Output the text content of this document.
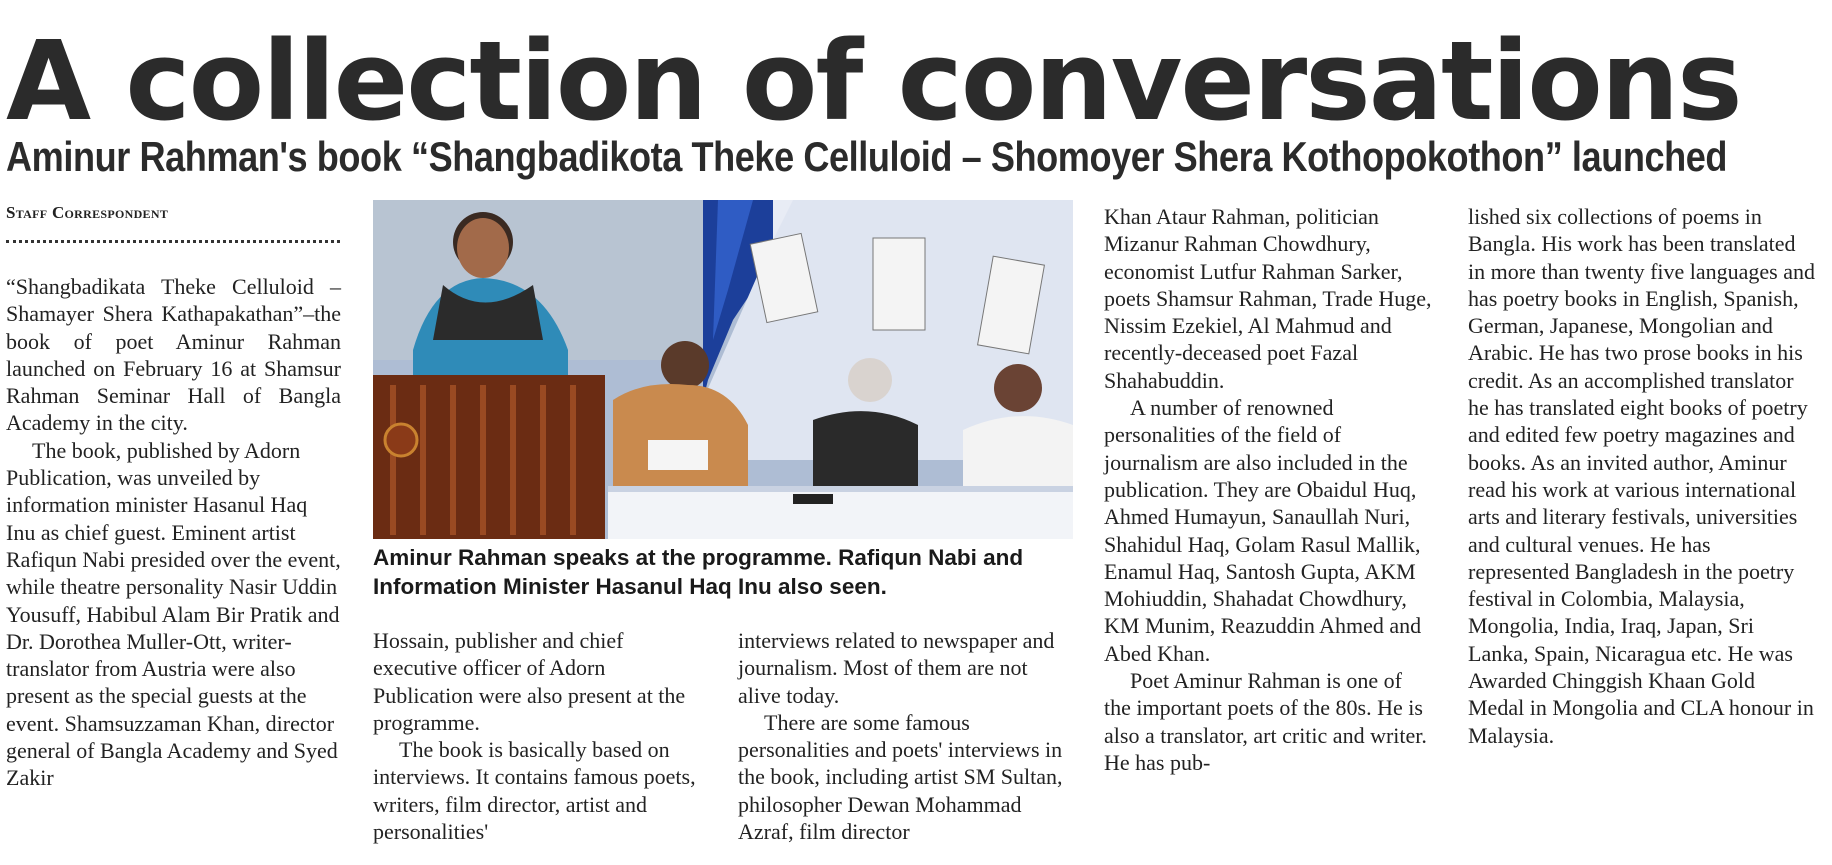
A collection of conversations
Aminur Rahman's book “Shangbadikota Theke Celluloid – Shomoyer Shera Kothopokothon” launched
Staff Correspondent

“Shangbadikata Theke Celluloid – Shamayer Shera Kathapakathan”–the book of poet Aminur Rahman launched on February 16 at Shamsur Rahman Seminar Hall of Bangla Academy in the city.

The book, published by Adorn Publication, was unveiled by information minister Hasanul Haq Inu as chief guest. Eminent artist Rafiqun Nabi presided over the event, while theatre personality Nasir Uddin Yousuff, Habibul Alam Bir Pratik and Dr. Dorothea Muller-Ott, writer-translator from Austria were also present as the special guests at the event. Shamsuzzaman Khan, director general of Bangla Academy and Syed Zakir

Aminur Rahman speaks at the programme. Rafiqun Nabi and Information Minister Hasanul Haq Inu also seen.

Hossain, publisher and chief executive officer of Adorn Publication were also present at the programme.

The book is basically based on interviews. It contains famous poets, writers, film director, artist and personalities'

interviews related to newspaper and journalism. Most of them are not alive today.

There are some famous personalities and poets' interviews in the book, including artist SM Sultan, philosopher Dewan Mohammad Azraf, film director

Khan Ataur Rahman, politician Mizanur Rahman Chowdhury, economist Lutfur Rahman Sarker, poets Shamsur Rahman, Trade Huge, Nissim Ezekiel, Al Mahmud and recently-deceased poet Fazal Shahabuddin.

A number of renowned personalities of the field of journalism are also included in the publication. They are Obaidul Huq, Ahmed Humayun, Sanaullah Nuri, Shahidul Haq, Golam Rasul Mallik, Enamul Haq, Santosh Gupta, AKM Mohiuddin, Shahadat Chowdhury, KM Munim, Reazuddin Ahmed and Abed Khan.

Poet Aminur Rahman is one of the important poets of the 80s. He is also a translator, art critic and writer. He has pub-

lished six collections of poems in Bangla. His work has been translated in more than twenty five languages and has poetry books in English, Spanish, German, Japanese, Mongolian and Arabic. He has two prose books in his credit. As an accomplished translator he has translated eight books of poetry and edited few poetry magazines and books. As an invited author, Aminur read his work at various international arts and literary festivals, universities and cultural venues. He has represented Bangladesh in the poetry festival in Colombia, Malaysia, Mongolia, India, Iraq, Japan, Sri Lanka, Spain, Nicaragua etc. He was Awarded Chinggish Khaan Gold Medal in Mongolia and CLA honour in Malaysia.
